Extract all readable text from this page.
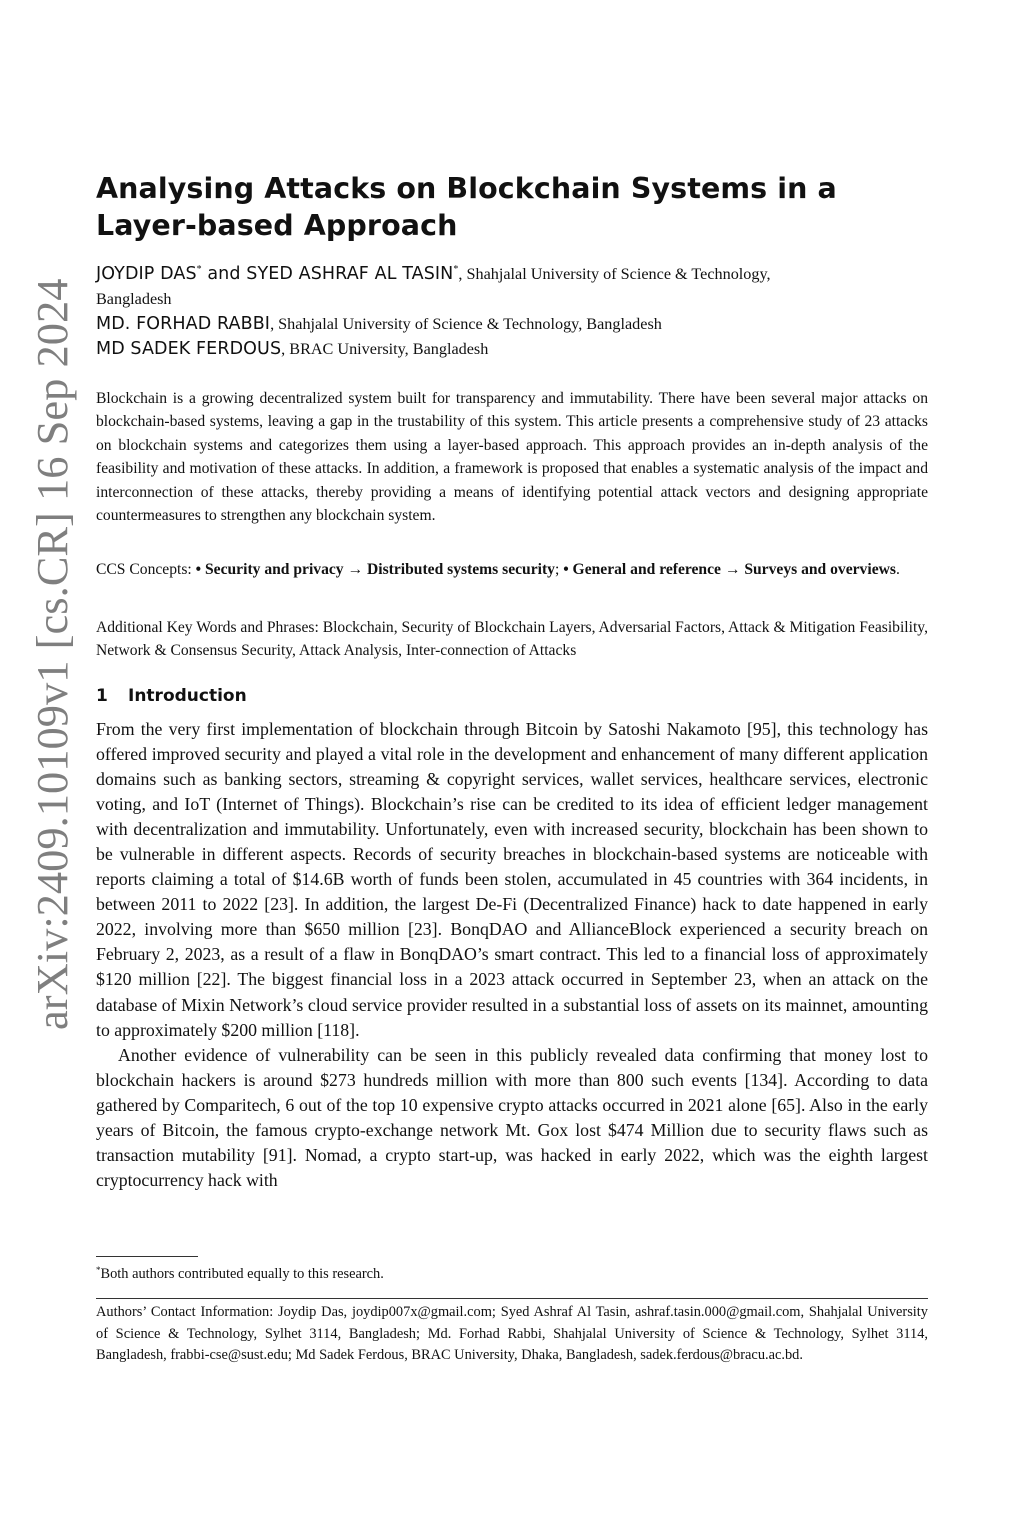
arXiv:2409.10109v1 [cs.CR] 16 Sep 2024
Analysing Attacks on Blockchain Systems in a Layer-based Approach
JOYDIP DAS* and SYED ASHRAF AL TASIN*, Shahjalal University of Science & Technology,
Bangladesh
MD. FORHAD RABBI, Shahjalal University of Science & Technology, Bangladesh
MD SADEK FERDOUS, BRAC University, Bangladesh

Blockchain is a growing decentralized system built for transparency and immutability. There have been several major attacks on blockchain-based systems, leaving a gap in the trustability of this system. This article presents a comprehensive study of 23 attacks on blockchain systems and categorizes them using a layer-based approach. This approach provides an in-depth analysis of the feasibility and motivation of these attacks. In addition, a framework is proposed that enables a systematic analysis of the impact and interconnection of these attacks, thereby providing a means of identifying potential attack vectors and designing appropriate countermeasures to strengthen any blockchain system.

CCS Concepts: • Security and privacy → Distributed systems security; • General and reference → Surveys and overviews.

Additional Key Words and Phrases: Blockchain, Security of Blockchain Layers, Adversarial Factors, Attack & Mitigation Feasibility, Network & Consensus Security, Attack Analysis, Inter-connection of Attacks

1 Introduction

From the very first implementation of blockchain through Bitcoin by Satoshi Nakamoto [95], this technology has offered improved security and played a vital role in the development and enhancement of many different application domains such as banking sectors, streaming & copyright services, wallet services, healthcare services, electronic voting, and IoT (Internet of Things). Blockchain’s rise can be credited to its idea of efficient ledger management with decentralization and immutability. Unfortunately, even with increased security, blockchain has been shown to be vulnerable in different aspects. Records of security breaches in blockchain-based systems are noticeable with reports claiming a total of $14.6B worth of funds been stolen, accumulated in 45 countries with 364 incidents, in between 2011 to 2022 [23]. In addition, the largest De-Fi (Decentralized Finance) hack to date happened in early 2022, involving more than $650 million [23]. BonqDAO and AllianceBlock experienced a security breach on February 2, 2023, as a result of a flaw in BonqDAO’s smart contract. This led to a financial loss of approximately $120 million [22]. The biggest financial loss in a 2023 attack occurred in September 23, when an attack on the database of Mixin Network’s cloud service provider resulted in a substantial loss of assets on its mainnet, amounting to approximately $200 million [118].

Another evidence of vulnerability can be seen in this publicly revealed data confirming that money lost to blockchain hackers is around $273 hundreds million with more than 800 such events [134]. According to data gathered by Comparitech, 6 out of the top 10 expensive crypto attacks occurred in 2021 alone [65]. Also in the early years of Bitcoin, the famous crypto-exchange network Mt. Gox lost $474 Million due to security flaws such as transaction mutability [91]. Nomad, a crypto start-up, was hacked in early 2022, which was the eighth largest cryptocurrency hack with

*Both authors contributed equally to this research.

Authors’ Contact Information: Joydip Das, joydip007x@gmail.com; Syed Ashraf Al Tasin, ashraf.tasin.000@gmail.com, Shahjalal University of Science & Technology, Sylhet 3114, Bangladesh; Md. Forhad Rabbi, Shahjalal University of Science & Technology, Sylhet 3114, Bangladesh, frabbi-cse@sust.edu; Md Sadek Ferdous, BRAC University, Dhaka, Bangladesh, sadek.ferdous@bracu.ac.bd.
